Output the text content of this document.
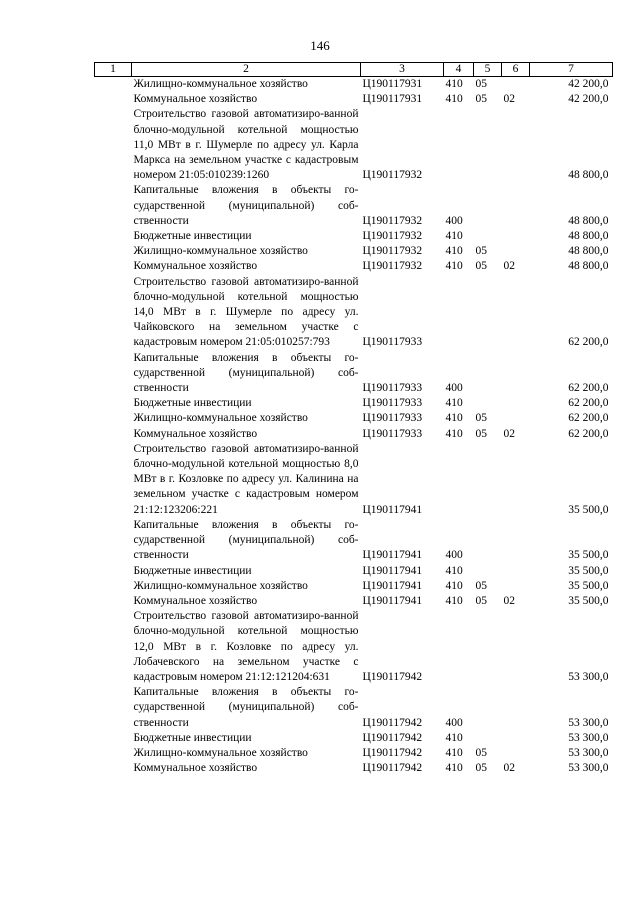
146
1	2	3	4	5	6	7
	Жилищно-коммунальное хозяйство	Ц190117931	410	05		42 200,0
	Коммунальное хозяйство	Ц190117931	410	05	02	42 200,0
	Строительство газовой автоматизиро-ванной блочно-модульной котельной мощностью 11,0 МВт в г. Шумерле по адресу ул. Карла Маркса на земельном участке с кадастровым номером 21:05:010239:1260	Ц190117932				48 800,0
	Капитальные вложения в объекты го-сударственной (муниципальной) соб-ственности	Ц190117932	400			48 800,0
	Бюджетные инвестиции	Ц190117932	410			48 800,0
	Жилищно-коммунальное хозяйство	Ц190117932	410	05		48 800,0
	Коммунальное хозяйство	Ц190117932	410	05	02	48 800,0
	Строительство газовой автоматизиро-ванной блочно-модульной котельной мощностью 14,0 МВт в г. Шумерле по адресу ул. Чайковского на земельном участке с кадастровым номером 21:05:010257:793	Ц190117933				62 200,0
	Капитальные вложения в объекты го-сударственной (муниципальной) соб-ственности	Ц190117933	400			62 200,0
	Бюджетные инвестиции	Ц190117933	410			62 200,0
	Жилищно-коммунальное хозяйство	Ц190117933	410	05		62 200,0
	Коммунальное хозяйство	Ц190117933	410	05	02	62 200,0
	Строительство газовой автоматизиро-ванной блочно-модульной котельной мощностью 8,0 МВт в г. Козловке по адресу ул. Калинина на земельном участке с кадастровым номером 21:12:123206:221	Ц190117941				35 500,0
	Капитальные вложения в объекты го-сударственной (муниципальной) соб-ственности	Ц190117941	400			35 500,0
	Бюджетные инвестиции	Ц190117941	410			35 500,0
	Жилищно-коммунальное хозяйство	Ц190117941	410	05		35 500,0
	Коммунальное хозяйство	Ц190117941	410	05	02	35 500,0
	Строительство газовой автоматизиро-ванной блочно-модульной котельной мощностью 12,0 МВт в г. Козловке по адресу ул. Лобачевского на земельном участке с кадастровым номером 21:12:121204:631	Ц190117942				53 300,0
	Капитальные вложения в объекты го-сударственной (муниципальной) соб-ственности	Ц190117942	400			53 300,0
	Бюджетные инвестиции	Ц190117942	410			53 300,0
	Жилищно-коммунальное хозяйство	Ц190117942	410	05		53 300,0
	Коммунальное хозяйство	Ц190117942	410	05	02	53 300,0
